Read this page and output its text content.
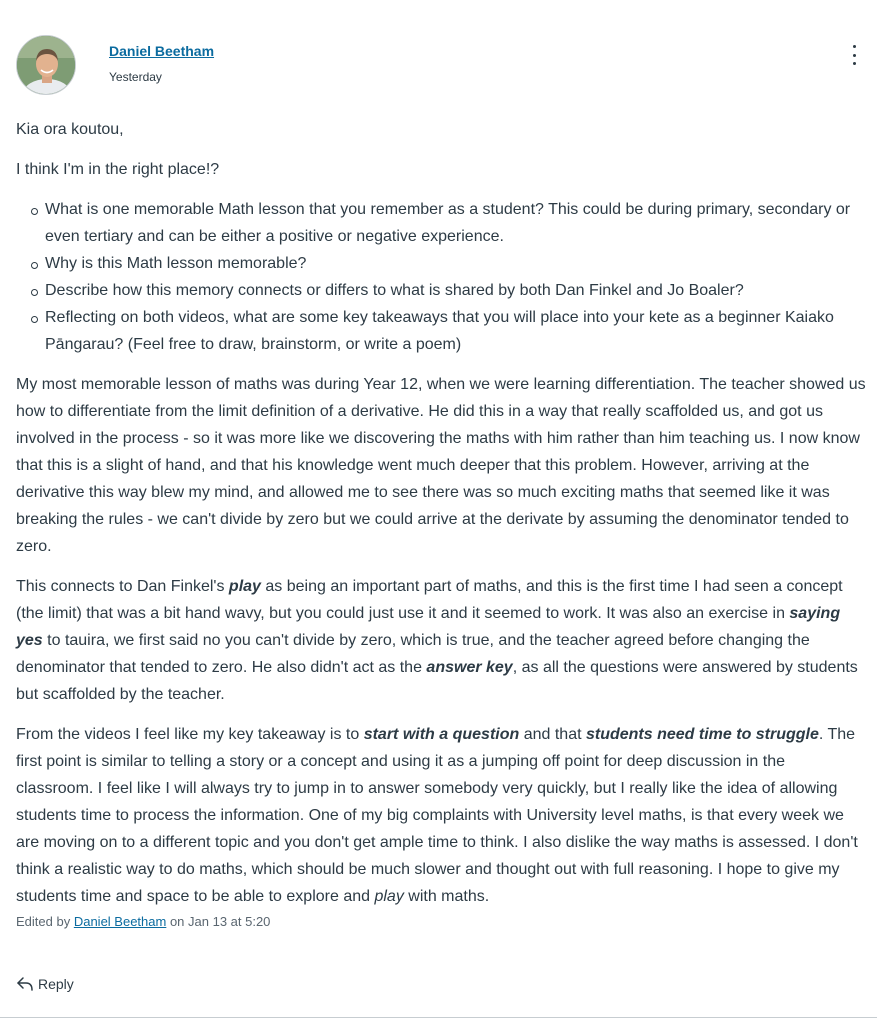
Daniel Beetham
Yesterday

Kia ora koutou,

I think I'm in the right place!?

What is one memorable Math lesson that you remember as a student? This could be during primary, secondary or even tertiary and can be either a positive or negative experience.
Why is this Math lesson memorable?
Describe how this memory connects or differs to what is shared by both Dan Finkel and Jo Boaler?
Reflecting on both videos, what are some key takeaways that you will place into your kete as a beginner Kaiako Pāngarau? (Feel free to draw, brainstorm, or write a poem)

My most memorable lesson of maths was during Year 12, when we were learning differentiation. The teacher showed us how to differentiate from the limit definition of a derivative. He did this in a way that really scaffolded us, and got us involved in the process - so it was more like we discovering the maths with him rather than him teaching us. I now know that this is a slight of hand, and that his knowledge went much deeper that this problem. However, arriving at the derivative this way blew my mind, and allowed me to see there was so much exciting maths that seemed like it was breaking the rules - we can't divide by zero but we could arrive at the derivate by assuming the denominator tended to zero.

This connects to Dan Finkel's play as being an important part of maths, and this is the first time I had seen a concept (the limit) that was a bit hand wavy, but you could just use it and it seemed to work. It was also an exercise in saying yes to tauira, we first said no you can't divide by zero, which is true, and the teacher agreed before changing the denominator that tended to zero. He also didn't act as the answer key, as all the questions were answered by students but scaffolded by the teacher.

From the videos I feel like my key takeaway is to start with a question and that students need time to struggle. The first point is similar to telling a story or a concept and using it as a jumping off point for deep discussion in the classroom. I feel like I will always try to jump in to answer somebody very quickly, but I really like the idea of allowing students time to process the information. One of my big complaints with University level maths, is that every week we are moving on to a different topic and you don't get ample time to think. I also dislike the way maths is assessed. I don't think a realistic way to do maths, which should be much slower and thought out with full reasoning. I hope to give my students time and space to be able to explore and play with maths.

Edited by Daniel Beetham on Jan 13 at 5:20
Reply
